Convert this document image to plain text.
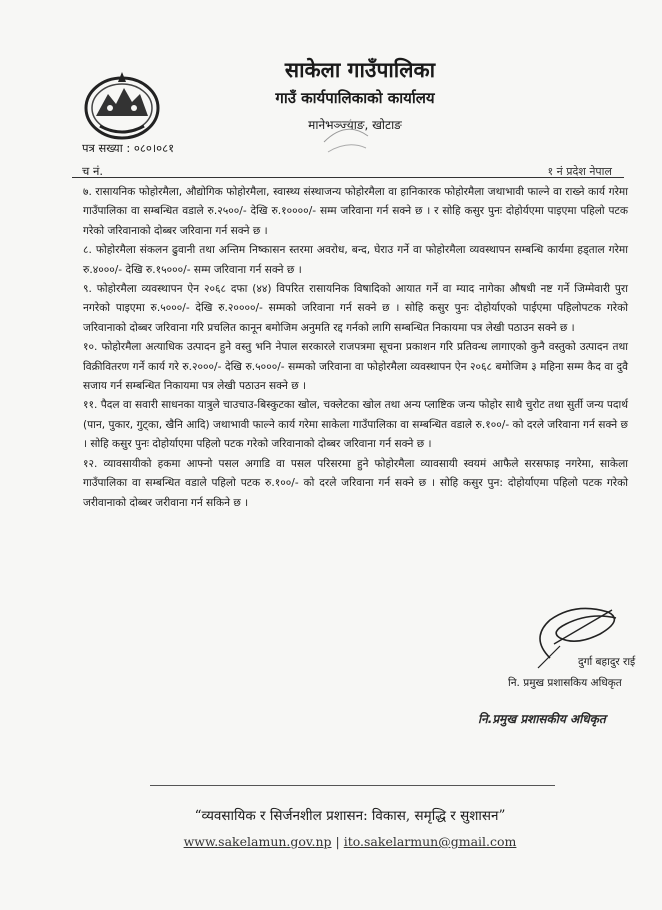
साकेला गाउँपालिका
गाउँ कार्यपालिकाको कार्यालय
मानेभञ्ज्याङ, खोटाङ
पत्र सख्या : ०८०।०८१
च नं.	१ नं प्रदेश नेपाल

७. रासायनिक फोहोरमैला, औद्योगिक फोहोरमैला, स्वास्थ्य संस्थाजन्य फोहोरमैला वा हानिकारक फोहोरमैला जथाभावी फाल्ने वा राख्ने कार्य गरेमा गाउँपालिका वा सम्बन्धित वडाले रु.२५००/- देखि रु.१००००/- सम्म जरिवाना गर्न सक्ने छ । र सोहि कसुर पुनः दोहोर्यएमा पाइएमा पहिलो पटक गरेको जरिवानाको दोब्बर जरिवाना गर्न सक्ने छ ।

८. फोहोरमैला संकलन ढुवानी तथा अन्तिम निष्कासन स्तरमा अवरोध, बन्द, घेराउ गर्ने वा फोहोरमैला व्यवस्थापन सम्बन्धि कार्यमा हड्ताल गरेमा रु.४०००/- देखि रु.१५०००/- सम्म जरिवाना गर्न सक्ने छ ।

९. फोहोरमैला व्यवस्थापन ऐन २०६८ दफा (४४) विपरित रासायनिक विषादिको आयात गर्ने वा म्याद नागेका औषधी नष्ट गर्ने जिम्मेवारी पुरा नगरेको पाइएमा रु.५०००/- देखि रु.२००००/- सम्मको जरिवाना गर्न सक्ने छ । सोहि कसुर पुनः दोहोर्याएको पाईएमा पहिलोपटक गरेको जरिवानाको दोब्बर जरिवाना गरि प्रचलित कानून बमोजिम अनुमति रद्द गर्नको लागि सम्बन्धित निकायमा पत्र लेखी पठाउन सक्ने छ ।

१०. फोहोरमैला अत्याधिक उत्पादन हुने वस्तु भनि नेपाल सरकारले राजपत्रमा सूचना प्रकाशन गरि प्रतिवन्ध लागाएको कुनै वस्तुको उत्पादन तथा विक्रीवितरण गर्ने कार्य गरे रु.२०००/- देखि रु.५०००/- सम्मको जरिवाना वा फोहोरमैला व्यवस्थापन ऐन २०६८ बमोजिम ३ महिना सम्म कैद वा दुवै सजाय गर्न सम्बन्धित निकायमा पत्र लेखी पठाउन सक्ने छ ।

११. पैदल वा सवारी साधनका यात्रुले चाउचाउ-बिस्कुटका खोल, चक्लेटका खोल तथा अन्य प्लाष्टिक जन्य फोहोर साथै चुरोट तथा सुर्ती जन्य पदार्थ (पान, पुकार, गुट्का, खैनि आदि) जथाभावी फाल्ने कार्य गरेमा साकेला गाउँपालिका वा सम्बन्धित वडाले रु.१००/- को दरले जरिवाना गर्न सक्ने छ । सोहि कसुर पुनः दोहोर्याएमा पहिलो पटक गरेको जरिवानाको दोब्बर जरिवाना गर्न सक्ने छ ।

१२. व्यावसायीको हकमा आफ्नो पसल अगाडि वा पसल परिसरमा हुने फोहोरमैला व्यावसायी स्वयमं आफैले सरसफाइ नगरेमा, साकेला गाउँपालिका वा सम्बन्धित वडाले पहिलो पटक रु.१००/- को दरले जरिवाना गर्न सक्ने छ । सोहि कसुर पुन: दोहोर्याएमा पहिलो पटक गरेको जरीवानाको दोब्बर जरीवाना गर्न सकिने छ ।

दुर्गा बहादुर राई
नि. प्रमुख प्रशासकिय अधिकृत
नि.प्रमुख प्रशासकीय अधिकृत
“व्यवसायिक र सिर्जनशील प्रशासन: विकास, समृद्धि र सुशासन”
www.sakelamun.gov.np | ito.sakelarmun@gmail.com
